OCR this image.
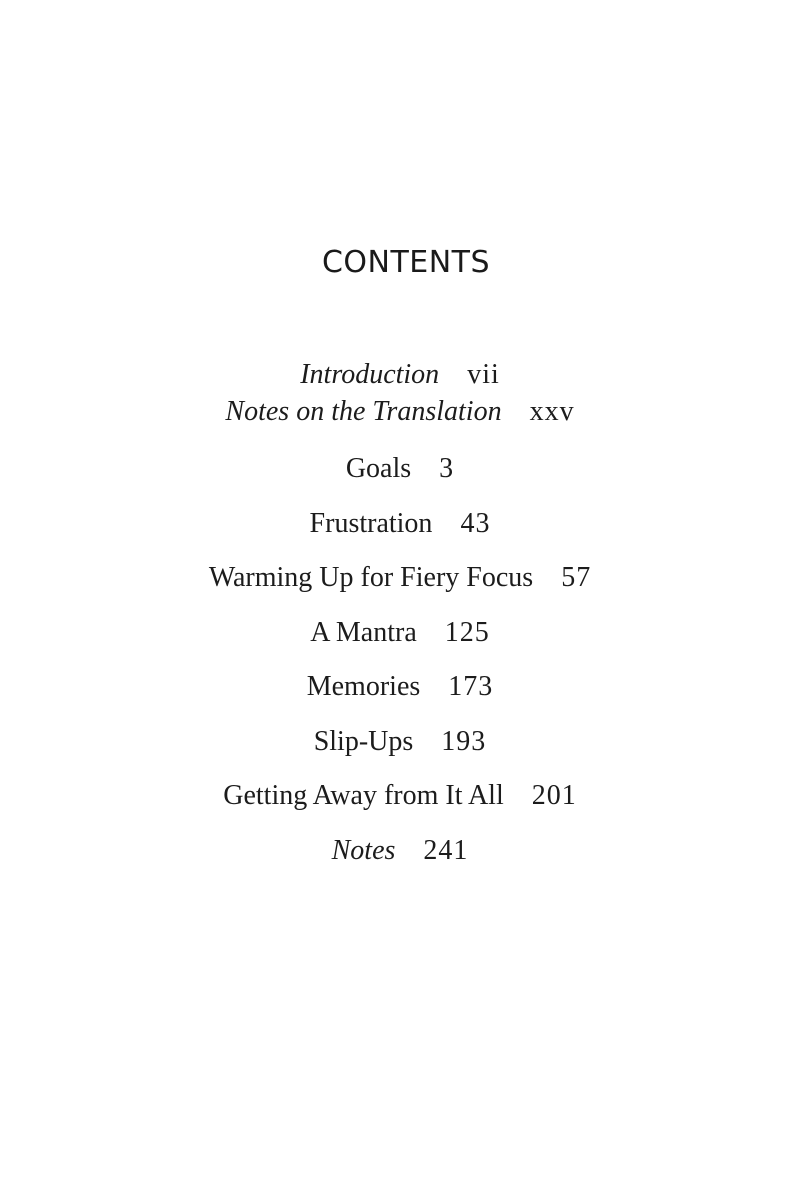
CONTENTS
Introduction vii
Notes on the Translation xxv
Goals 3
Frustration 43
Warming Up for Fiery Focus 57
A Mantra 125
Memories 173
Slip-Ups 193
Getting Away from It All 201
Notes 241
